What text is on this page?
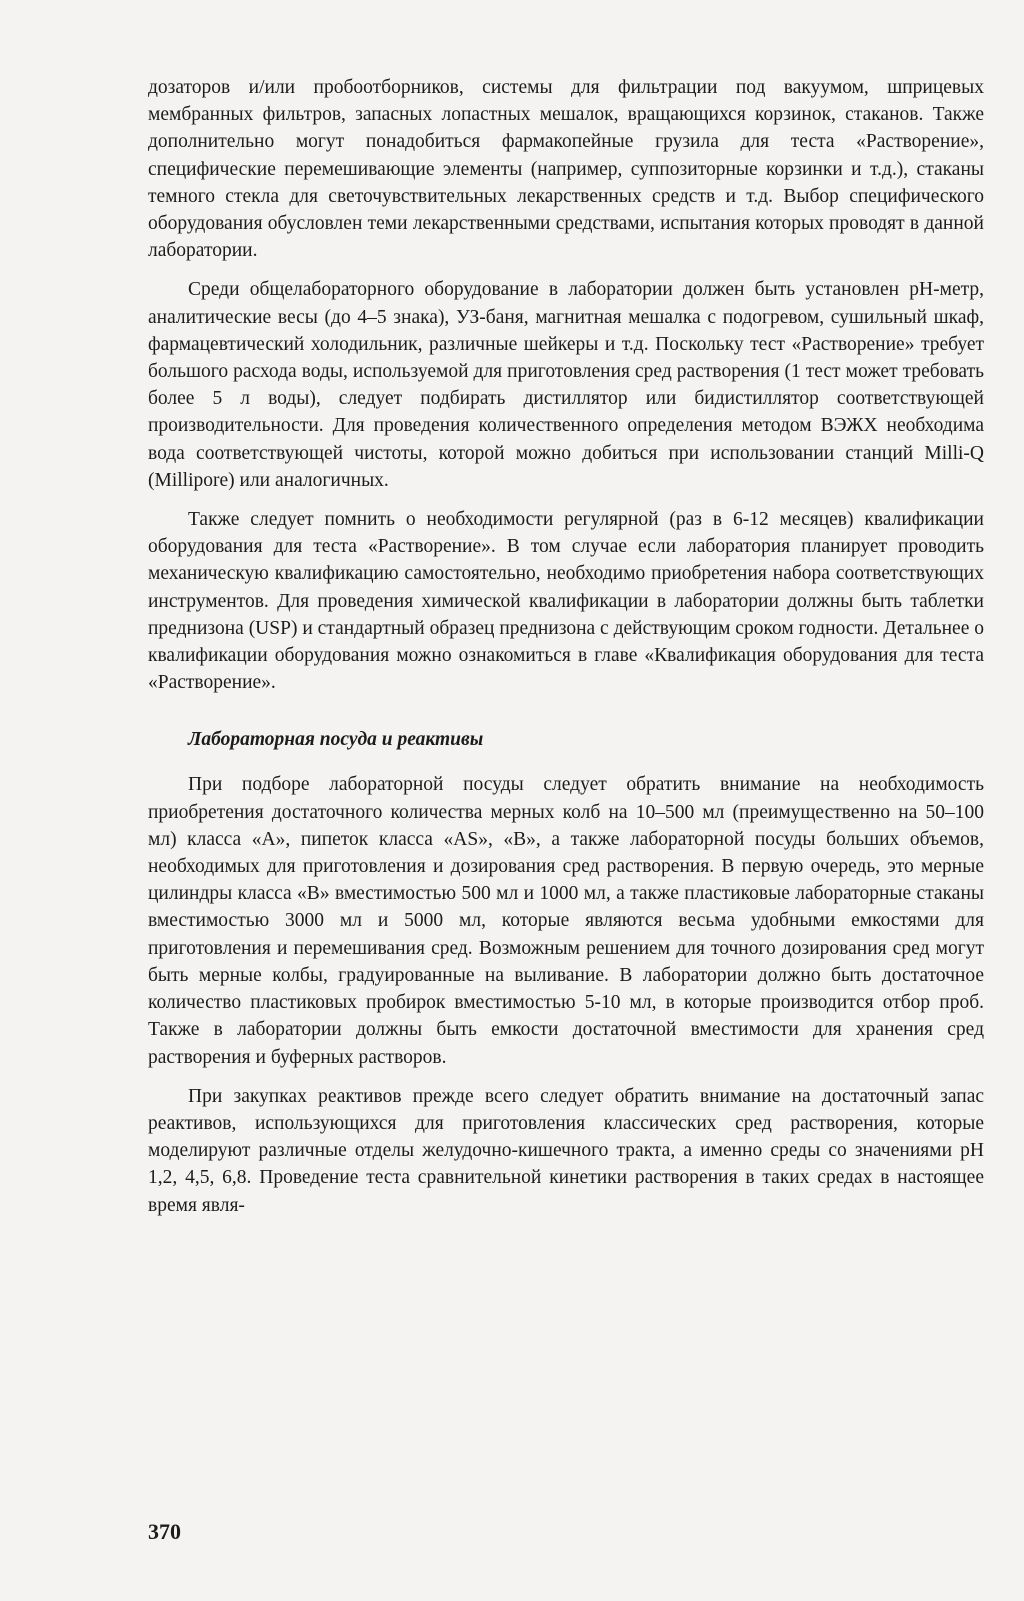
дозаторов и/или пробоотборников, системы для фильтрации под вакуумом, шприцевых мембранных фильтров, запасных лопастных мешалок, вращающихся корзинок, стаканов. Также дополнительно могут понадобиться фармакопейные грузила для теста «Растворение», специфические перемешивающие элементы (например, суппозиторные корзинки и т.д.), стаканы темного стекла для светочувствительных лекарственных средств и т.д. Выбор специфического оборудования обусловлен теми лекарственными средствами, испытания которых проводят в данной лаборатории.

Среди общелабораторного оборудование в лаборатории должен быть установлен pH-метр, аналитические весы (до 4–5 знака), УЗ-баня, магнитная мешалка с подогревом, сушильный шкаф, фармацевтический холодильник, различные шейкеры и т.д. Поскольку тест «Растворение» требует большого расхода воды, используемой для приготовления сред растворения (1 тест может требовать более 5 л воды), следует подбирать дистиллятор или бидистиллятор соответствующей производительности. Для проведения количественного определения методом ВЭЖХ необходима вода соответствующей чистоты, которой можно добиться при использовании станций Milli-Q (Millipore) или аналогичных.

Также следует помнить о необходимости регулярной (раз в 6-12 месяцев) квалификации оборудования для теста «Растворение». В том случае если лаборатория планирует проводить механическую квалификацию самостоятельно, необходимо приобретения набора соответствующих инструментов. Для проведения химической квалификации в лаборатории должны быть таблетки преднизона (USP) и стандартный образец преднизона с действующим сроком годности. Детальнее о квалификации оборудования можно ознакомиться в главе «Квалификация оборудования для теста «Растворение».

Лабораторная посуда и реактивы

При подборе лабораторной посуды следует обратить внимание на необходимость приобретения достаточного количества мерных колб на 10–500 мл (преимущественно на 50–100 мл) класса «А», пипеток класса «AS», «B», а также лабораторной посуды больших объемов, необходимых для приготовления и дозирования сред растворения. В первую очередь, это мерные цилиндры класса «B» вместимостью 500 мл и 1000 мл, а также пластиковые лабораторные стаканы вместимостью 3000 мл и 5000 мл, которые являются весьма удобными емкостями для приготовления и перемешивания сред. Возможным решением для точного дозирования сред могут быть мерные колбы, градуированные на выливание. В лаборатории должно быть достаточное количество пластиковых пробирок вместимостью 5-10 мл, в которые производится отбор проб. Также в лаборатории должны быть емкости достаточной вместимости для хранения сред растворения и буферных растворов.

При закупках реактивов прежде всего следует обратить внимание на достаточный запас реактивов, использующихся для приготовления классических сред растворения, которые моделируют различные отделы желудочно-кишечного тракта, а именно среды со значениями pH 1,2, 4,5, 6,8. Проведение теста сравнительной кинетики растворения в таких средах в настоящее время явля-

370
